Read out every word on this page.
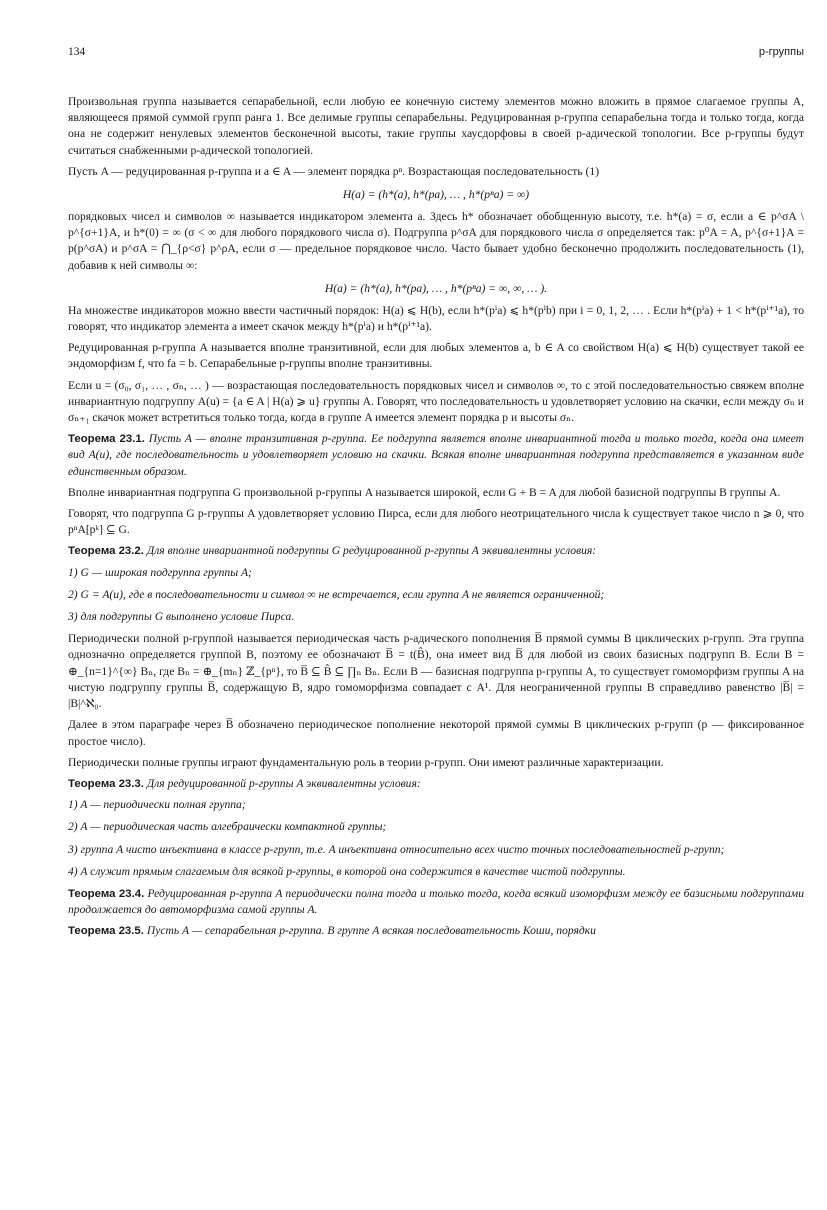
134	p-группы

Произвольная группа называется сепарабельной, если любую ее конечную систему элементов можно вложить в прямое слагаемое группы A, являющееся прямой суммой групп ранга 1. Все делимые группы сепарабельны. Редуцированная p-группа сепарабельна тогда и только тогда, когда она не содержит ненулевых элементов бесконечной высоты, такие группы хаусдорфовы в своей p-адической топологии. Все p-группы будут считаться снабженными p-адической топологией.

Пусть A — редуцированная p-группа и a ∈ A — элемент порядка pⁿ. Возрастающая последовательность (1)

H(a) = (h*(a), h*(pa), … , h*(pⁿa) = ∞)

порядковых чисел и символов ∞ называется индикатором элемента a. Здесь h* обозначает обобщенную высоту, т.е. h*(a) = σ, если a ∈ p^σA \ p^{σ+1}A, и h*(0) = ∞ (σ < ∞ для любого порядкового числа σ). Подгруппа p^σA для порядкового числа σ определяется так: p⁰A = A, p^{σ+1}A = p(p^σA) и p^σA = ⋂_{ρ<σ} p^ρA, если σ — предельное порядковое число. Часто бывает удобно бесконечно продолжить последовательность (1), добавив к ней символы ∞:

H(a) = (h*(a), h*(pa), … , h*(pⁿa) = ∞, ∞, … ).

На множестве индикаторов можно ввести частичный порядок: H(a) ⩽ H(b), если h*(pⁱa) ⩽ h*(pⁱb) при i = 0, 1, 2, … . Если h*(pⁱa) + 1 < h*(pⁱ⁺¹a), то говорят, что индикатор элемента a имеет скачок между h*(pⁱa) и h*(pⁱ⁺¹a).

Редуцированная p-группа A называется вполне транзитивной, если для любых элементов a, b ∈ A со свойством H(a) ⩽ H(b) существует такой ее эндоморфизм f, что fa = b. Сепарабельные p-группы вполне транзитивны.

Если u = (σ₀, σ₁, … , σₙ, … ) — возрастающая последовательность порядковых чисел и символов ∞, то с этой последовательностью свяжем вполне инвариантную подгруппу A(u) = {a ∈ A | H(a) ⩾ u} группы A. Говорят, что последовательность u удовлетворяет условию на скачки, если между σₙ и σₙ₊₁ скачок может встретиться только тогда, когда в группе A имеется элемент порядка p и высоты σₙ.

Теорема 23.1. Пусть A — вполне транзитивная p-группа. Ее подгруппа является вполне инвариантной тогда и только тогда, когда она имеет вид A(u), где последовательность u удовлетворяет условию на скачки. Всякая вполне инвариантная подгруппа представляется в указанном виде единственным образом.

Вполне инвариантная подгруппа G произвольной p-группы A называется широкой, если G + B = A для любой базисной подгруппы B группы A.

Говорят, что подгруппа G p-группы A удовлетворяет условию Пирса, если для любого неотрицательного числа k существует такое число n ⩾ 0, что pⁿA[pᵏ] ⊆ G.

Теорема 23.2. Для вполне инвариантной подгруппы G редуцированной p-группы A эквивалентны условия:

1) G — широкая подгруппа группы A;

2) G = A(u), где в последовательности u символ ∞ не встречается, если группа A не является ограниченной;

3) для подгруппы G выполнено условие Пирса.

Периодически полной p-группой называется периодическая часть p-адического пополнения B̅ прямой суммы B циклических p-групп. Эта группа однозначно определяется группой B, поэтому ее обозначают B̅ = t(B̂), она имеет вид B̅ для любой из своих базисных подгрупп B. Если B = ⊕_{n=1}^{∞} Bₙ, где Bₙ = ⊕_{mₙ} ℤ_{pⁿ}, то B̅ ⊆ B̂ ⊆ ∏ₙ Bₙ. Если B — базисная подгруппа p-группы A, то существует гомоморфизм группы A на чистую подгруппу группы B̅, содержащую B, ядро гомоморфизма совпадает с A¹. Для неограниченной группы B справедливо равенство |B̅| = |B|^ℵ₀.

Далее в этом параграфе через B̅ обозначено периодическое пополнение некоторой прямой суммы B циклических p-групп (p — фиксированное простое число).

Периодически полные группы играют фундаментальную роль в теории p-групп. Они имеют различные характеризации.

Теорема 23.3. Для редуцированной p-группы A эквивалентны условия:

1) A — периодически полная группа;

2) A — периодическая часть алгебраически компактной группы;

3) группа A чисто инъективна в классе p-групп, т.е. A инъективна относительно всех чисто точных последовательностей p-групп;

4) A служит прямым слагаемым для всякой p-группы, в которой она содержится в качестве чистой подгруппы.

Теорема 23.4. Редуцированная p-группа A периодически полна тогда и только тогда, когда всякий изоморфизм между ее базисными подгруппами продолжается до автоморфизма самой группы A.

Теорема 23.5. Пусть A — сепарабельная p-группа. В группе A всякая последовательность Коши, порядки
